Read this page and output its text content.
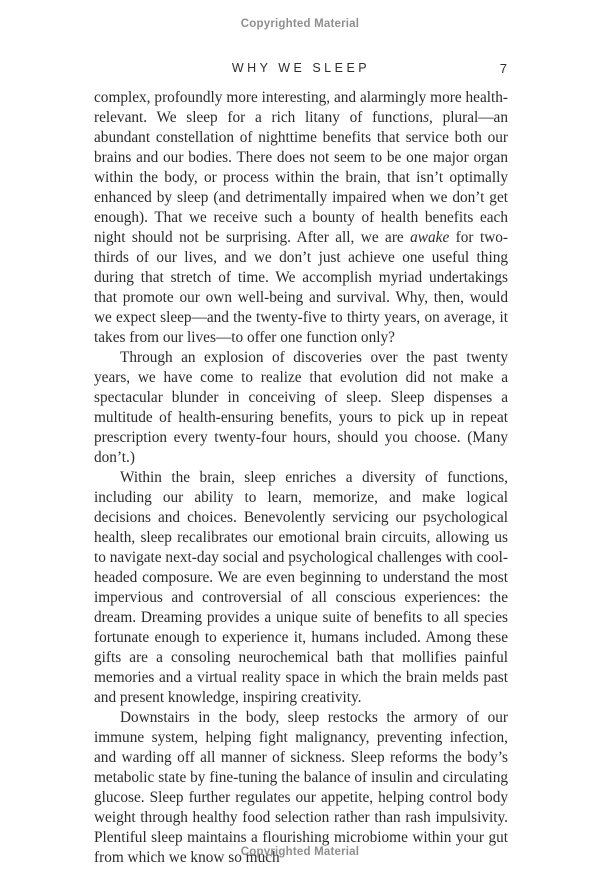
Copyrighted Material
WHY WE SLEEP	7

complex, profoundly more interesting, and alarmingly more health-relevant. We sleep for a rich litany of functions, plural—an abundant constellation of nighttime benefits that service both our brains and our bodies. There does not seem to be one major organ within the body, or process within the brain, that isn’t optimally enhanced by sleep (and detrimentally impaired when we don’t get enough). That we receive such a bounty of health benefits each night should not be surprising. After all, we are awake for two-thirds of our lives, and we don’t just achieve one useful thing during that stretch of time. We accomplish myriad undertakings that promote our own well-being and survival. Why, then, would we expect sleep—and the twenty-five to thirty years, on average, it takes from our lives—to offer one function only?

Through an explosion of discoveries over the past twenty years, we have come to realize that evolution did not make a spectacular blunder in conceiving of sleep. Sleep dispenses a multitude of health-ensuring benefits, yours to pick up in repeat prescription every twenty-four hours, should you choose. (Many don’t.)

Within the brain, sleep enriches a diversity of functions, including our ability to learn, memorize, and make logical decisions and choices. Benevolently servicing our psychological health, sleep recalibrates our emotional brain circuits, allowing us to navigate next-day social and psychological challenges with cool-headed composure. We are even beginning to understand the most impervious and controversial of all conscious experiences: the dream. Dreaming provides a unique suite of benefits to all species fortunate enough to experience it, humans included. Among these gifts are a consoling neurochemical bath that mollifies painful memories and a virtual reality space in which the brain melds past and present knowledge, inspiring creativity.

Downstairs in the body, sleep restocks the armory of our immune system, helping fight malignancy, preventing infection, and warding off all manner of sickness. Sleep reforms the body’s metabolic state by fine-tuning the balance of insulin and circulating glucose. Sleep further regulates our appetite, helping control body weight through healthy food selection rather than rash impulsivity. Plentiful sleep maintains a flourishing microbiome within your gut from which we know so much

Copyrighted Material
